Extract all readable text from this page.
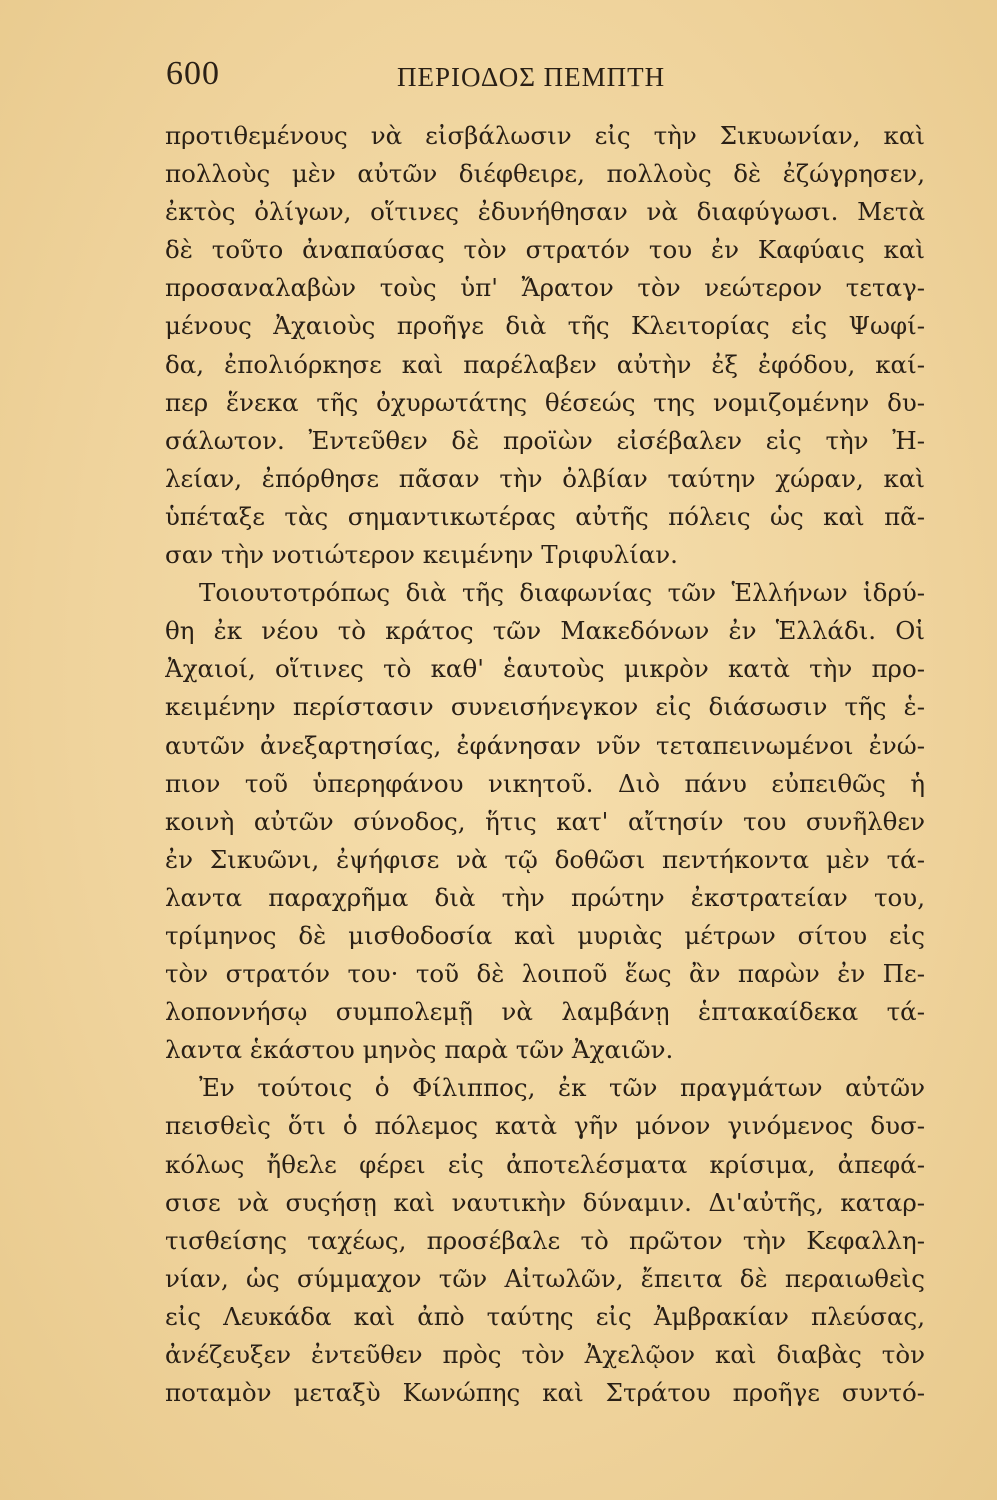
600	ΠΕΡΙΟΔΟΣ ΠΕΜΠΤΗ
προτιθεμένους νὰ εἰσβάλωσιν εἰς τὴν Σικυωνίαν, καὶ
πολλοὺς μὲν αὐτῶν διέφθειρε, πολλοὺς δὲ ἐζώγρησεν,
ἐκτὸς ὀλίγων, οἵτινες ἐδυνήθησαν νὰ διαφύγωσι. Μετὰ
δὲ τοῦτο ἀναπαύσας τὸν στρατόν του ἐν Καφύαις καὶ
προσαναλαβὼν τοὺς ὑπ' Ἄρατον τὸν νεώτερον τεταγ-
μένους Ἀχαιοὺς προῆγε διὰ τῆς Κλειτορίας εἰς Ψωφί-
δα, ἐπολιόρκησε καὶ παρέλαβεν αὐτὴν ἐξ ἐφόδου, καί-
περ ἕνεκα τῆς ὀχυρωτάτης θέσεώς της νομιζομένην δυ-
σάλωτον. Ἐντεῦθεν δὲ προϊὼν εἰσέβαλεν εἰς τὴν Ἠ-
λείαν, ἐπόρθησε πᾶσαν τὴν ὀλβίαν ταύτην χώραν, καὶ
ὑπέταξε τὰς σημαντικωτέρας αὐτῆς πόλεις ὡς καὶ πᾶ-
σαν τὴν νοτιώτερον κειμένην Τριφυλίαν.
Τοιουτοτρόπως διὰ τῆς διαφωνίας τῶν Ἑλλήνων ἱδρύ-
θη ἐκ νέου τὸ κράτος τῶν Μακεδόνων ἐν Ἑλλάδι. Οἱ
Ἀχαιοί, οἵτινες τὸ καθ' ἑαυτοὺς μικρὸν κατὰ τὴν προ-
κειμένην περίστασιν συνεισήνεγκον εἰς διάσωσιν τῆς ἑ-
αυτῶν ἀνεξαρτησίας, ἐφάνησαν νῦν τεταπεινωμένοι ἐνώ-
πιον τοῦ ὑπερηφάνου νικητοῦ. Διὸ πάνυ εὐπειθῶς ἡ
κοινὴ αὐτῶν σύνοδος, ἥτις κατ' αἴτησίν του συνῆλθεν
ἐν Σικυῶνι, ἐψήφισε νὰ τῷ δοθῶσι πεντήκοντα μὲν τά-
λαντα παραχρῆμα διὰ τὴν πρώτην ἐκστρατείαν του,
τρίμηνος δὲ μισθοδοσία καὶ μυριὰς μέτρων σίτου εἰς
τὸν στρατόν του· τοῦ δὲ λοιποῦ ἕως ἂν παρὼν ἐν Πε-
λοποννήσῳ συμπολεμῇ νὰ λαμβάνῃ ἑπτακαίδεκα τά-
λαντα ἑκάστου μηνὸς παρὰ τῶν Ἀχαιῶν.
Ἐν τούτοις ὁ Φίλιππος, ἐκ τῶν πραγμάτων αὐτῶν
πεισθεὶς ὅτι ὁ πόλεμος κατὰ γῆν μόνον γινόμενος δυσ-
κόλως ἤθελε φέρει εἰς ἀποτελέσματα κρίσιμα, ἀπεφά-
σισε νὰ συςήσῃ καὶ ναυτικὴν δύναμιν. Δι'αὐτῆς, καταρ-
τισθείσης ταχέως, προσέβαλε τὸ πρῶτον τὴν Κεφαλλη-
νίαν, ὡς σύμμαχον τῶν Αἰτωλῶν, ἔπειτα δὲ περαιωθεὶς
εἰς Λευκάδα καὶ ἀπὸ ταύτης εἰς Ἀμβρακίαν πλεύσας,
ἀνέζευξεν ἐντεῦθεν πρὸς τὸν Ἀχελῷον καὶ διαβὰς τὸν
ποταμὸν μεταξὺ Κωνώπης καὶ Στράτου προῆγε συντό-
